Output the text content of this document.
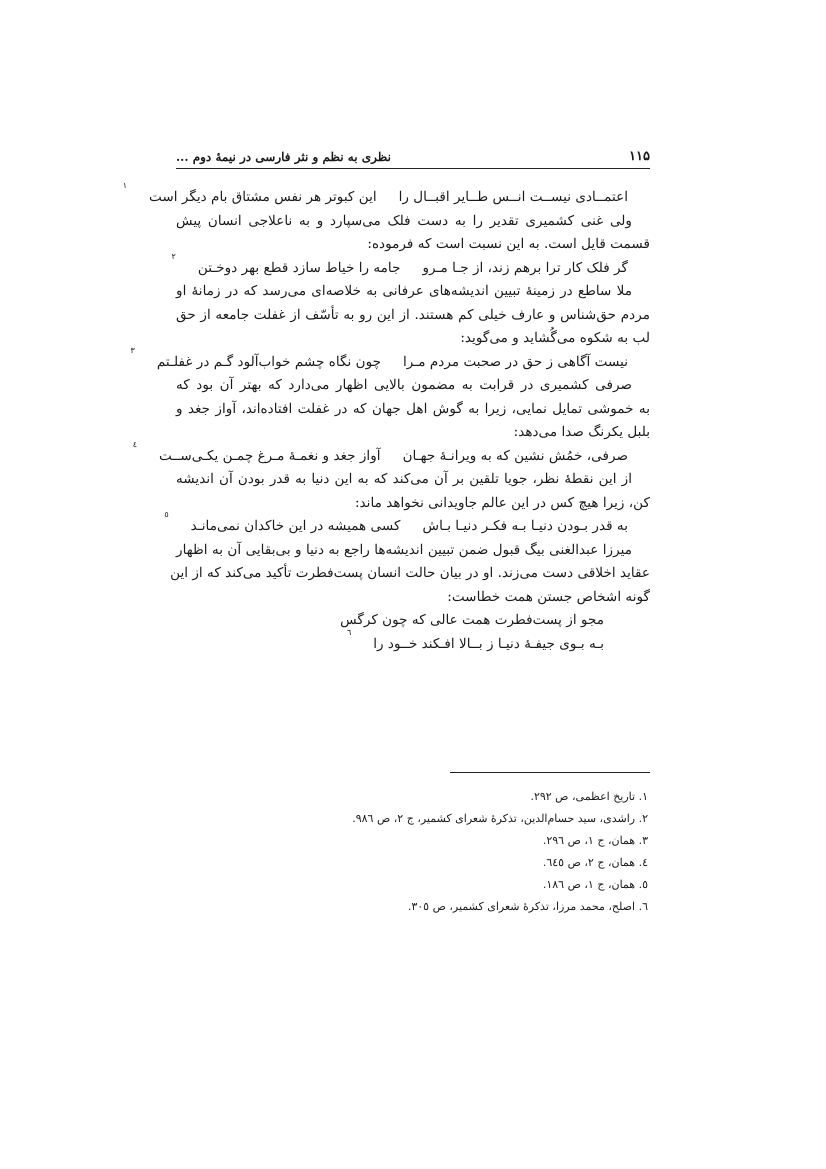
۱۱۵
نظری به نظم و نثر فارسی در نیمۀ دوم ...
اعتمــادی نیســت انــس طــایر اقبــال را
این کبوتر هر نفس مشتاق بام دیگر است
۱
ولی غنی کشمیری تقدیر را به دست فلک می‌سپارد و به ناعلاجی انسان پیش
قسمت قایل است. به این نسبت است که فرموده:
گر فلک کار ترا برهم زند، از جـا مـرو
جامه را خیاط سازد قطع بهر دوخـتن
۲
ملا ساطع در زمینۀ تبیین اندیشه‌های عرفانی به خلاصه‌ای می‌رسد که در زمانۀ او
مردم حق‌شناس و عارف خیلی کم هستند. از این رو به تأسّف از غفلت جامعه از حق
لب به شکوه می‌گُشاید و می‌گوید:
نیست آگاهی ز حق در صحبت مردم مـرا
چون نگاه چشم خواب‌آلود گـم در غفلـتم
۳
صرفی کشمیری در قرابت به مضمون بالایی اظهار می‌دارد که بهتر آن بود که
به خموشی تمایل نمایی، زیرا به گوش اهل جهان که در غفلت افتاده‌اند، آواز جغد و
بلبل یکرنگ صدا می‌دهد:
صرفی، خمُش نشین که به ویرانـۀ جهـان
آواز جغد و نغمـۀ مـرغ چمـن یکـی‌ســت
٤
از این نقطۀ نظر، جویا تلقین بر آن می‌کند که به این دنیا به قدر بودن آن اندیشه
کن، زیرا هیچ کس در این عالم جاویدانی نخواهد ماند:
به قدر بـودن دنیـا بـه فکـر دنیـا بـاش
کسی همیشه در این خاکدان نمی‌مانـد
٥
میرزا عبدالغنی بیگ قبول ضمن تبیین اندیشه‌ها راجع به دنیا و بی‌بقایی آن به اظهار
عقاید اخلاقی دست می‌زند. او در بیان حالت انسان پست‌فطرت تأکید می‌کند که از این
گونه اشخاص جستن همت خطاست:
مجو از پست‌فطرت همت عالی که چون کرگس
بـه بـوی جیفـۀ دنیـا ز بــالا افـکند خــود را
٦
۱. تاریخ اعظمی، ص ۲۹۲.
۲. راشدی، سید حسام‌الدین، تذکرۀ شعرای کشمیر، ج ۲، ص ۹۸٦.
۳. همان، ج ۱، ص ۲۹٦.
٤. همان، ج ۲، ص ٦٤٥.
٥. همان، ج ۱، ص ۱۸٦.
٦. اصلح، محمد مرزا، تذکرۀ شعرای کشمیر، ص ۳۰٥.
